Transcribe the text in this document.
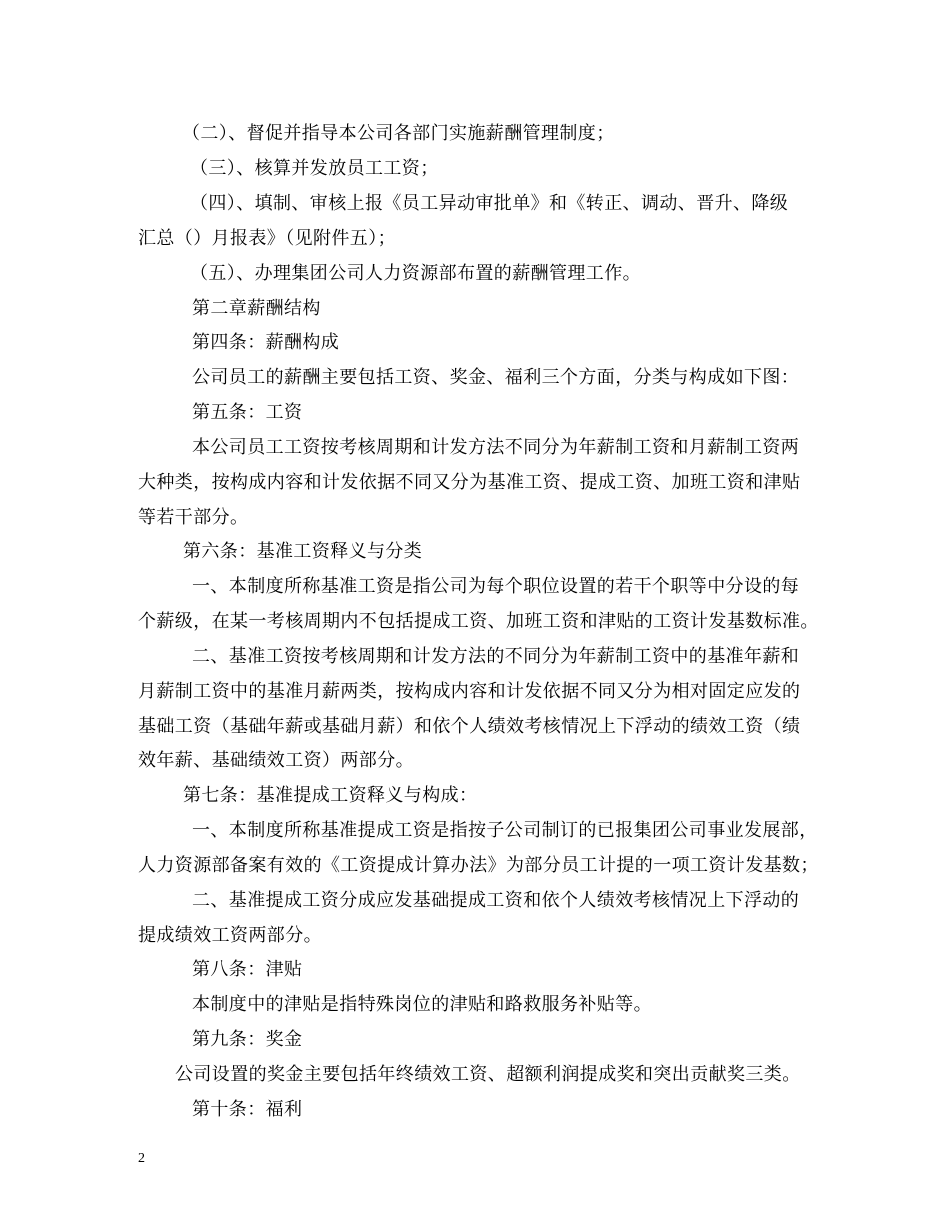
（二）、督促并指导本公司各部门实施薪酬管理制度；
（三）、核算并发放员工工资；
（四）、填制、审核上报《员工异动审批单》和《转正、调动、晋升、降级
汇总（）月报表》（见附件五）；
（五）、办理集团公司人力资源部布置的薪酬管理工作。
第二章薪酬结构
第四条：薪酬构成
公司员工的薪酬主要包括工资、奖金、福利三个方面，分类与构成如下图：
第五条：工资
本公司员工工资按考核周期和计发方法不同分为年薪制工资和月薪制工资两
大种类，按构成内容和计发依据不同又分为基准工资、提成工资、加班工资和津贴
等若干部分。
第六条：基准工资释义与分类
一、本制度所称基准工资是指公司为每个职位设置的若干个职等中分设的每
个薪级，在某一考核周期内不包括提成工资、加班工资和津贴的工资计发基数标准。
二、基准工资按考核周期和计发方法的不同分为年薪制工资中的基准年薪和
月薪制工资中的基准月薪两类，按构成内容和计发依据不同又分为相对固定应发的
基础工资（基础年薪或基础月薪）和依个人绩效考核情况上下浮动的绩效工资（绩
效年薪、基础绩效工资）两部分。
第七条：基准提成工资释义与构成：
一、本制度所称基准提成工资是指按子公司制订的已报集团公司事业发展部，
人力资源部备案有效的《工资提成计算办法》为部分员工计提的一项工资计发基数；
二、基准提成工资分成应发基础提成工资和依个人绩效考核情况上下浮动的
提成绩效工资两部分。
第八条：津贴
本制度中的津贴是指特殊岗位的津贴和路救服务补贴等。
第九条：奖金
公司设置的奖金主要包括年终绩效工资、超额利润提成奖和突出贡献奖三类。
第十条：福利
2
